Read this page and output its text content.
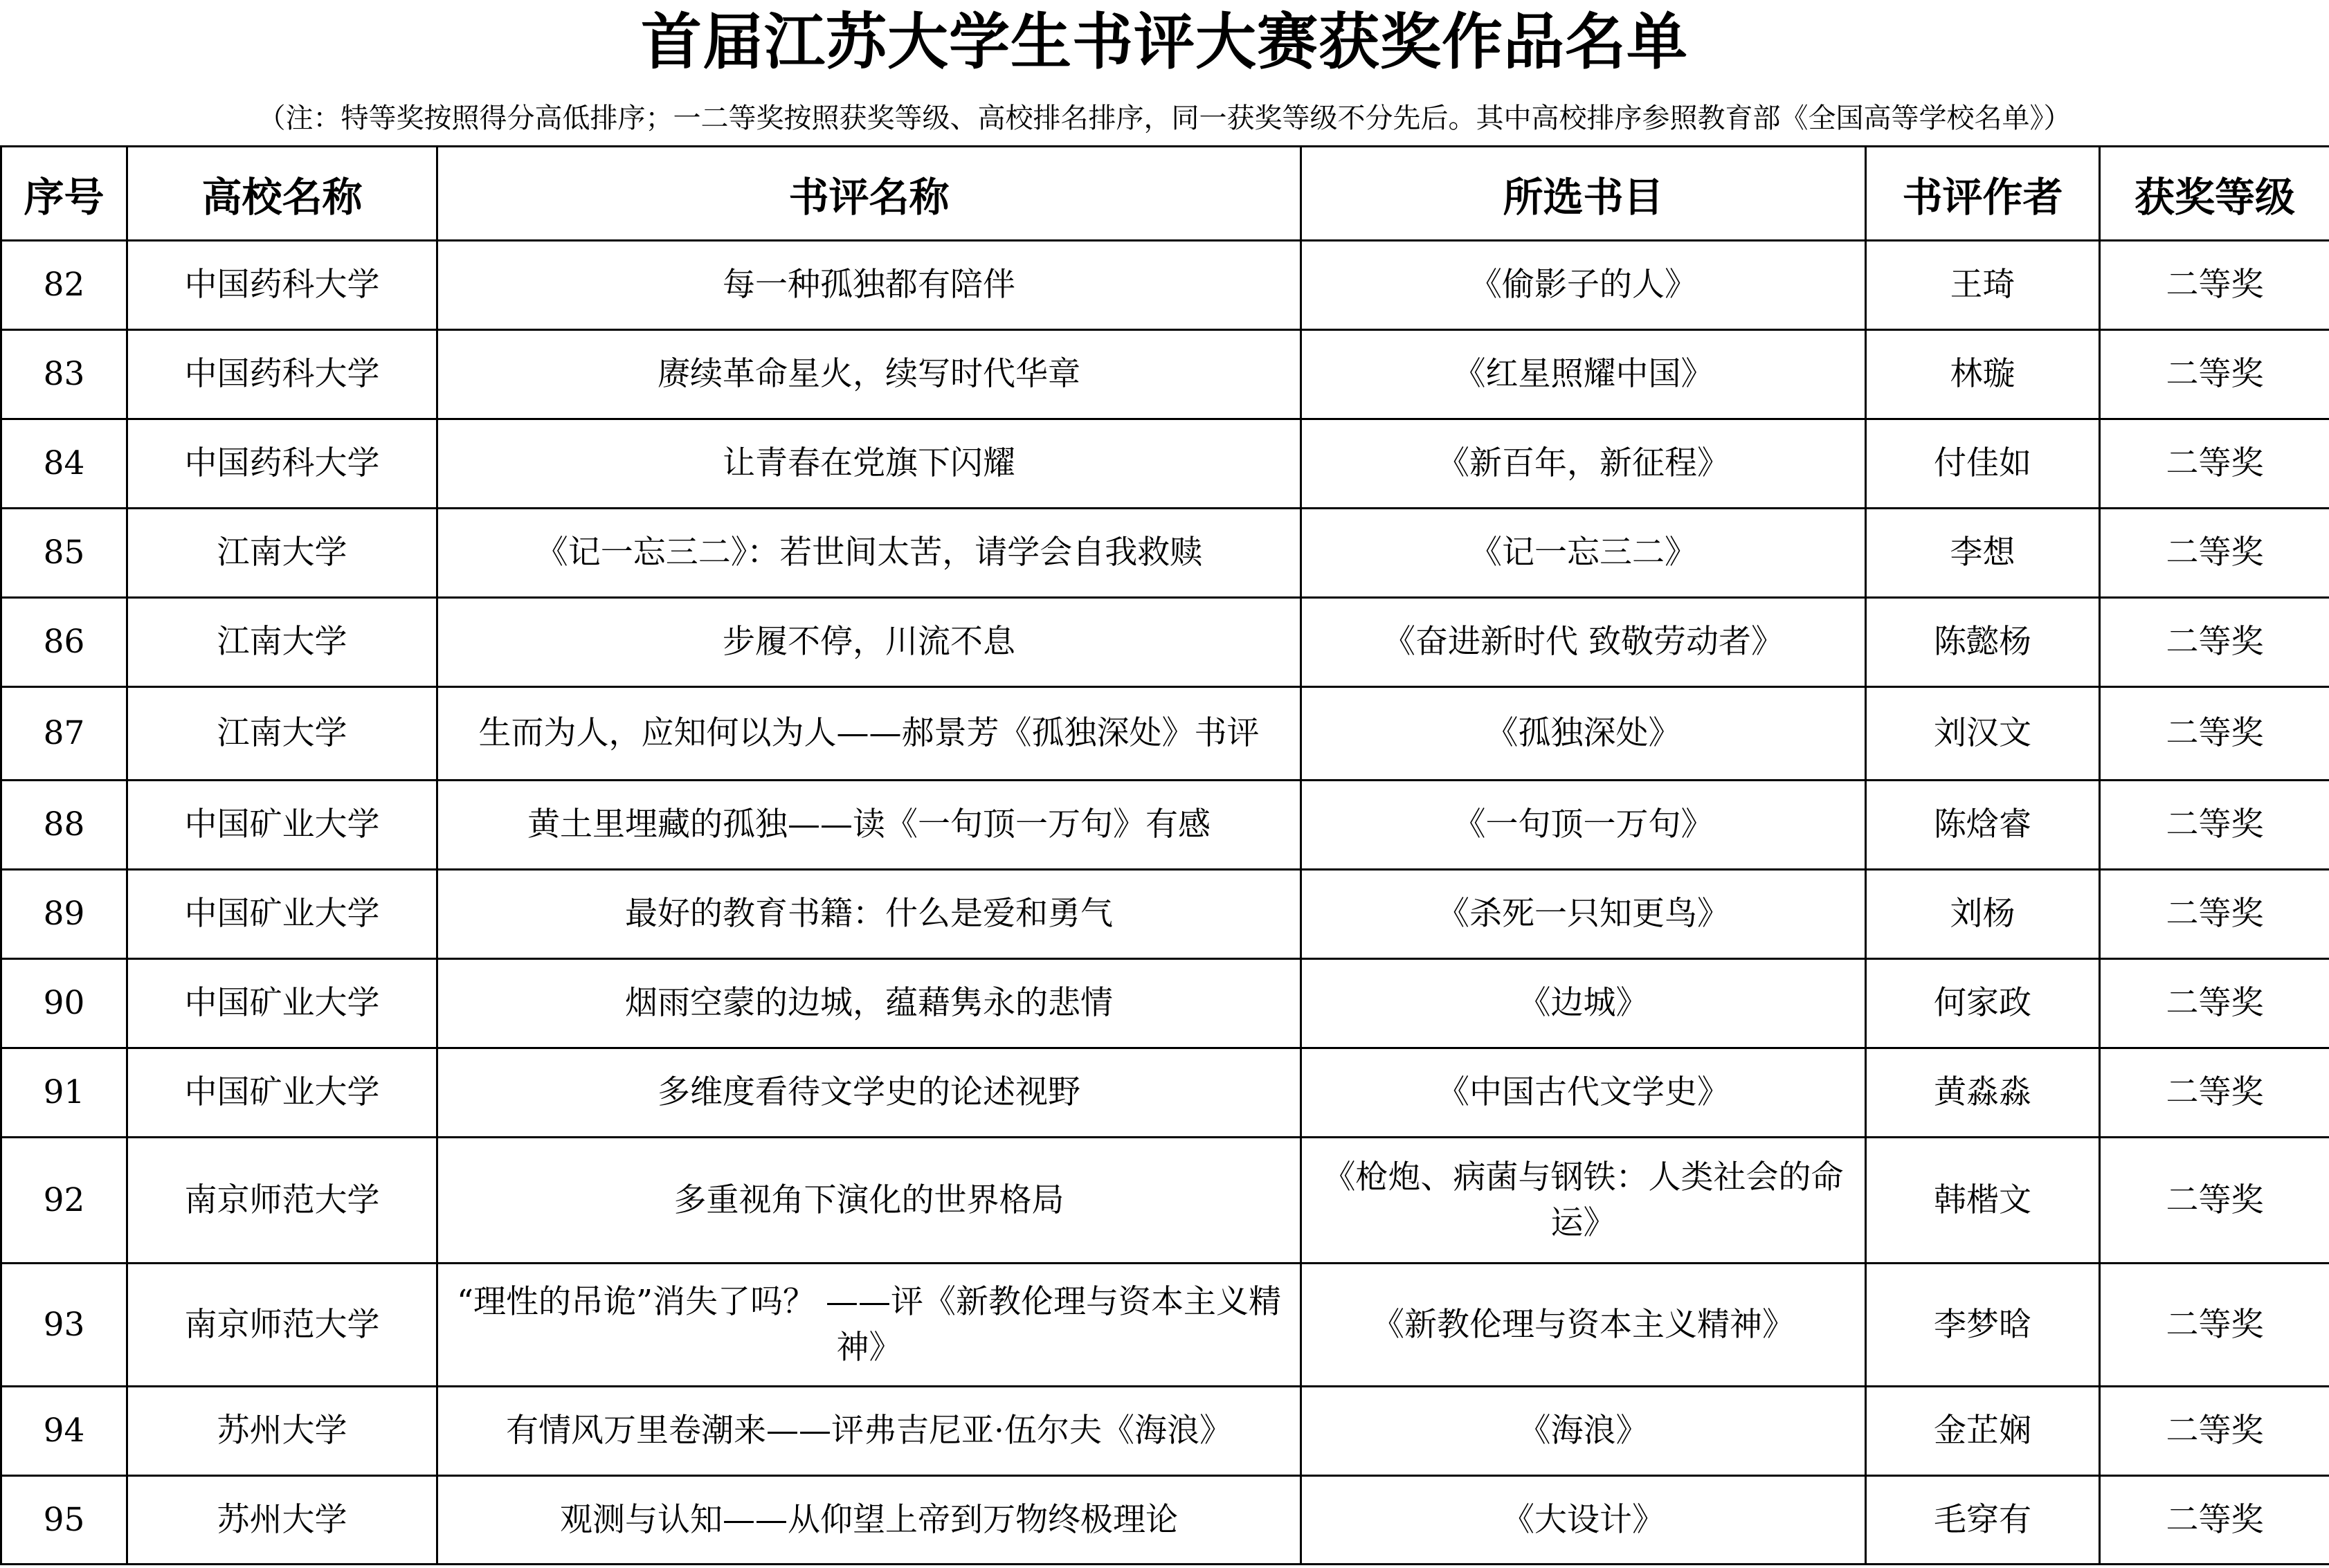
首届江苏大学生书评大赛获奖作品名单
（注：特等奖按照得分高低排序；一二等奖按照获奖等级、高校排名排序，同一获奖等级不分先后。其中高校排序参照教育部《全国高等学校名单》）
序号	高校名称	书评名称	所选书目	书评作者	获奖等级
82	中国药科大学	每一种孤独都有陪伴	《偷影子的人》	王琦	二等奖
83	中国药科大学	赓续革命星火，续写时代华章	《红星照耀中国》	林璇	二等奖
84	中国药科大学	让青春在党旗下闪耀	《新百年，新征程》	付佳如	二等奖
85	江南大学	《记一忘三二》：若世间太苦，请学会自我救赎	《记一忘三二》	李想	二等奖
86	江南大学	步履不停，川流不息	《奋进新时代 致敬劳动者》	陈懿杨	二等奖
87	江南大学	生而为人，应知何以为人——郝景芳《孤独深处》书评	《孤独深处》	刘汉文	二等奖
88	中国矿业大学	黄土里埋藏的孤独——读《一句顶一万句》有感	《一句顶一万句》	陈焓睿	二等奖
89	中国矿业大学	最好的教育书籍：什么是爱和勇气	《杀死一只知更鸟》	刘杨	二等奖
90	中国矿业大学	烟雨空蒙的边城，蕴藉隽永的悲情	《边城》	何家政	二等奖
91	中国矿业大学	多维度看待文学史的论述视野	《中国古代文学史》	黄淼淼	二等奖
92	南京师范大学	多重视角下演化的世界格局	《枪炮、病菌与钢铁：人类社会的命运》	韩楷文	二等奖
93	南京师范大学	“理性的吊诡”消失了吗？ ——评《新教伦理与资本主义精神》	《新教伦理与资本主义精神》	李梦晗	二等奖
94	苏州大学	有情风万里卷潮来——评弗吉尼亚·伍尔夫《海浪》	《海浪》	金芷娴	二等奖
95	苏州大学	观测与认知——从仰望上帝到万物终极理论	《大设计》	毛穿有	二等奖
